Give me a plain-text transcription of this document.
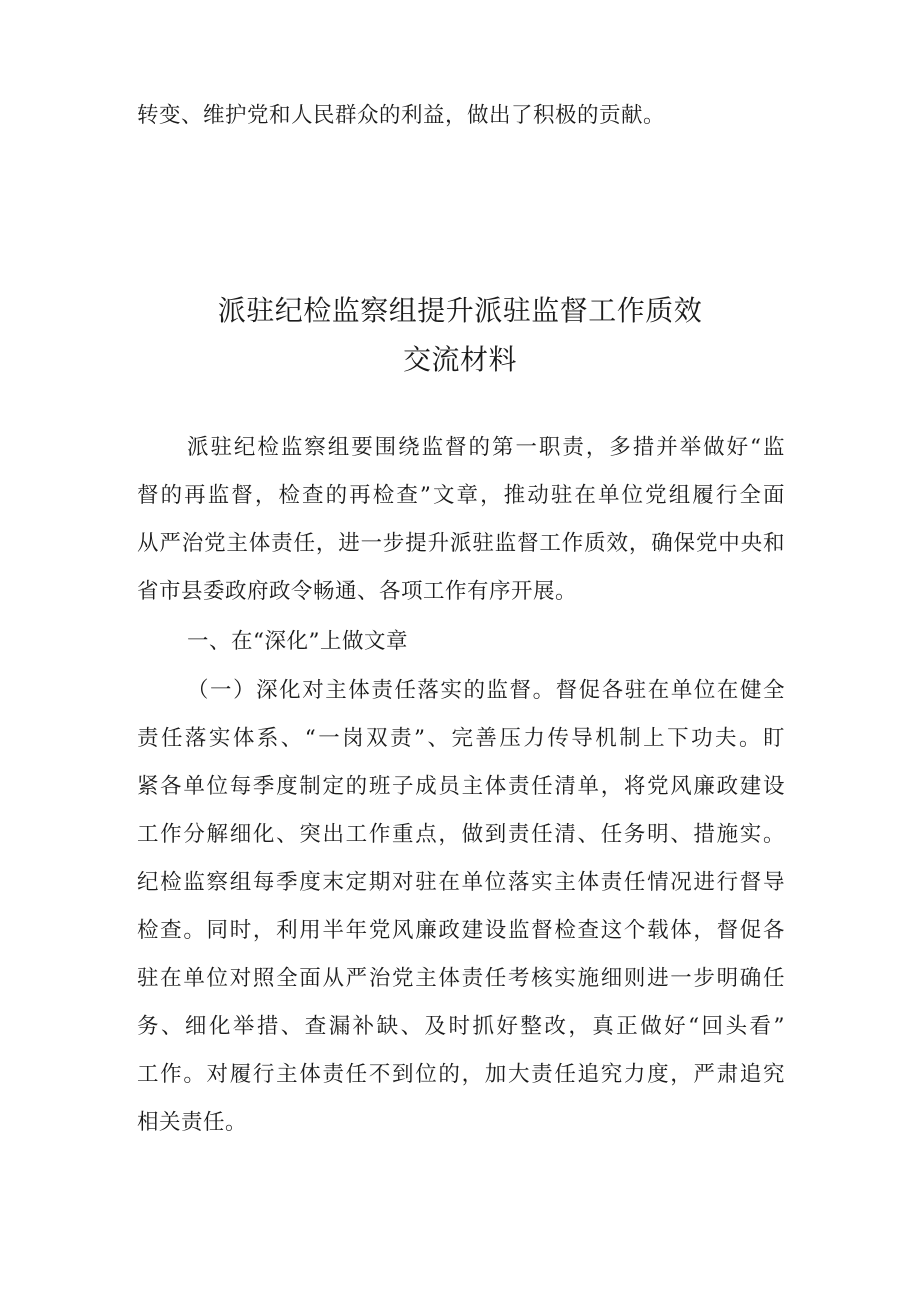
转变、维护党和人民群众的利益，做出了积极的贡献。
派驻纪检监察组提升派驻监督工作质效
交流材料
派驻纪检监察组要围绕监督的第一职责，多措并举做好“监
督的再监督，检查的再检查”文章，推动驻在单位党组履行全面
从严治党主体责任，进一步提升派驻监督工作质效，确保党中央和
省市县委政府政令畅通、各项工作有序开展。
一、在“深化”上做文章
（一）深化对主体责任落实的监督。督促各驻在单位在健全
责任落实体系、“一岗双责”、完善压力传导机制上下功夫。盯
紧各单位每季度制定的班子成员主体责任清单，将党风廉政建设
工作分解细化、突出工作重点，做到责任清、任务明、措施实。
纪检监察组每季度末定期对驻在单位落实主体责任情况进行督导
检查。同时，利用半年党风廉政建设监督检查这个载体，督促各
驻在单位对照全面从严治党主体责任考核实施细则进一步明确任
务、细化举措、查漏补缺、及时抓好整改，真正做好“回头看”
工作。对履行主体责任不到位的，加大责任追究力度，严肃追究
相关责任。
